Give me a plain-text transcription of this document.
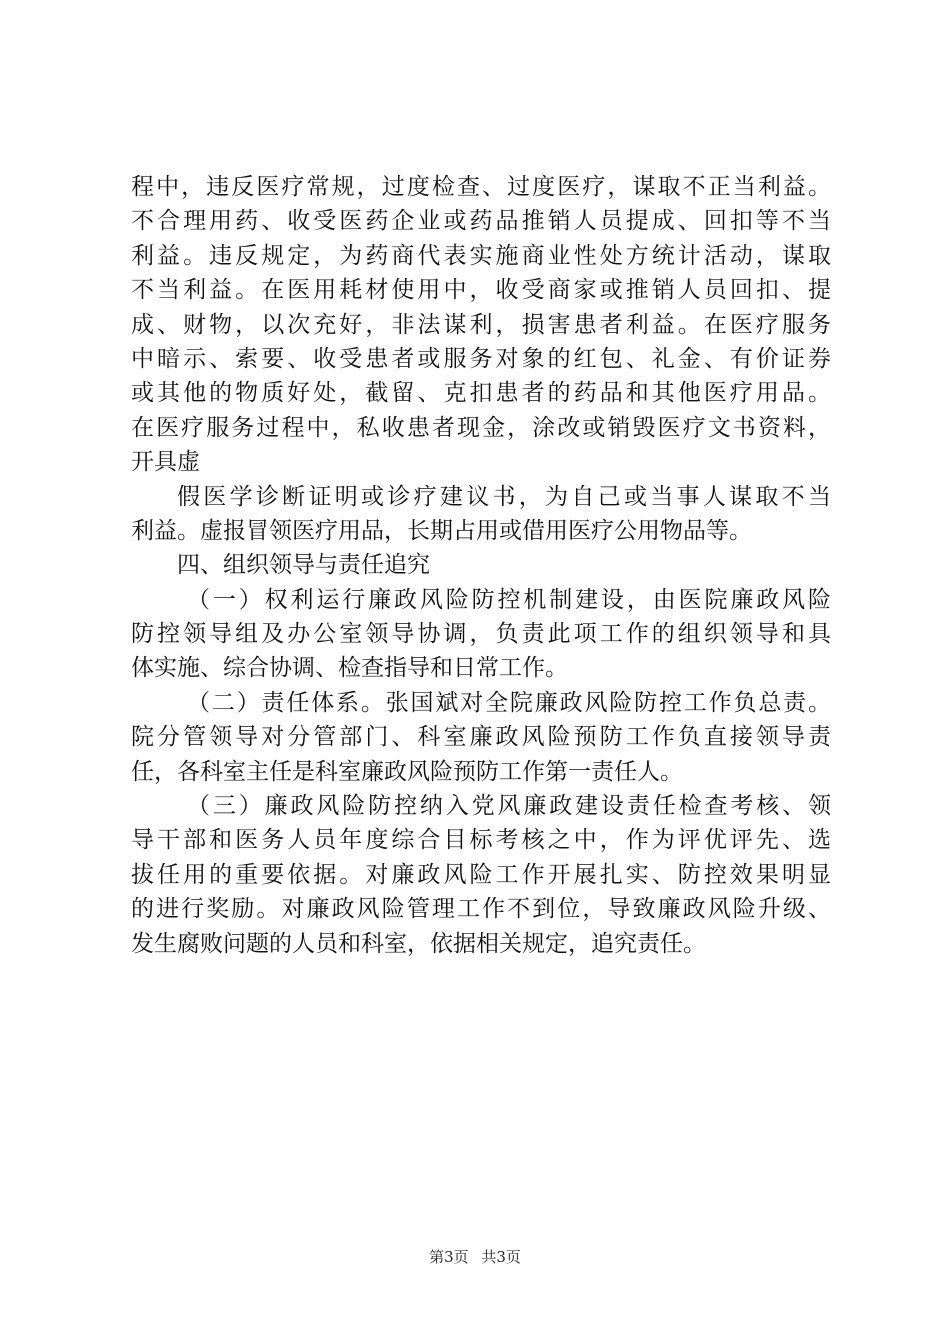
程中，违反医疗常规，过度检查、过度医疗，谋取不正当利益。
不合理用药、收受医药企业或药品推销人员提成、回扣等不当
利益。违反规定，为药商代表实施商业性处方统计活动，谋取
不当利益。在医用耗材使用中，收受商家或推销人员回扣、提
成、财物，以次充好，非法谋利，损害患者利益。在医疗服务
中暗示、索要、收受患者或服务对象的红包、礼金、有价证券
或其他的物质好处，截留、克扣患者的药品和其他医疗用品。
在医疗服务过程中，私收患者现金，涂改或销毁医疗文书资料，
开具虚
假医学诊断证明或诊疗建议书，为自己或当事人谋取不当
利益。虚报冒领医疗用品，长期占用或借用医疗公用物品等。
四、组织领导与责任追究
（一）权利运行廉政风险防控机制建设，由医院廉政风险
防控领导组及办公室领导协调，负责此项工作的组织领导和具
体实施、综合协调、检查指导和日常工作。
（二）责任体系。张国斌对全院廉政风险防控工作负总责。
院分管领导对分管部门、科室廉政风险预防工作负直接领导责
任，各科室主任是科室廉政风险预防工作第一责任人。
（三）廉政风险防控纳入党风廉政建设责任检查考核、领
导干部和医务人员年度综合目标考核之中，作为评优评先、选
拔任用的重要依据。对廉政风险工作开展扎实、防控效果明显
的进行奖励。对廉政风险管理工作不到位，导致廉政风险升级、
发生腐败问题的人员和科室，依据相关规定，追究责任。
第3页 共3页
